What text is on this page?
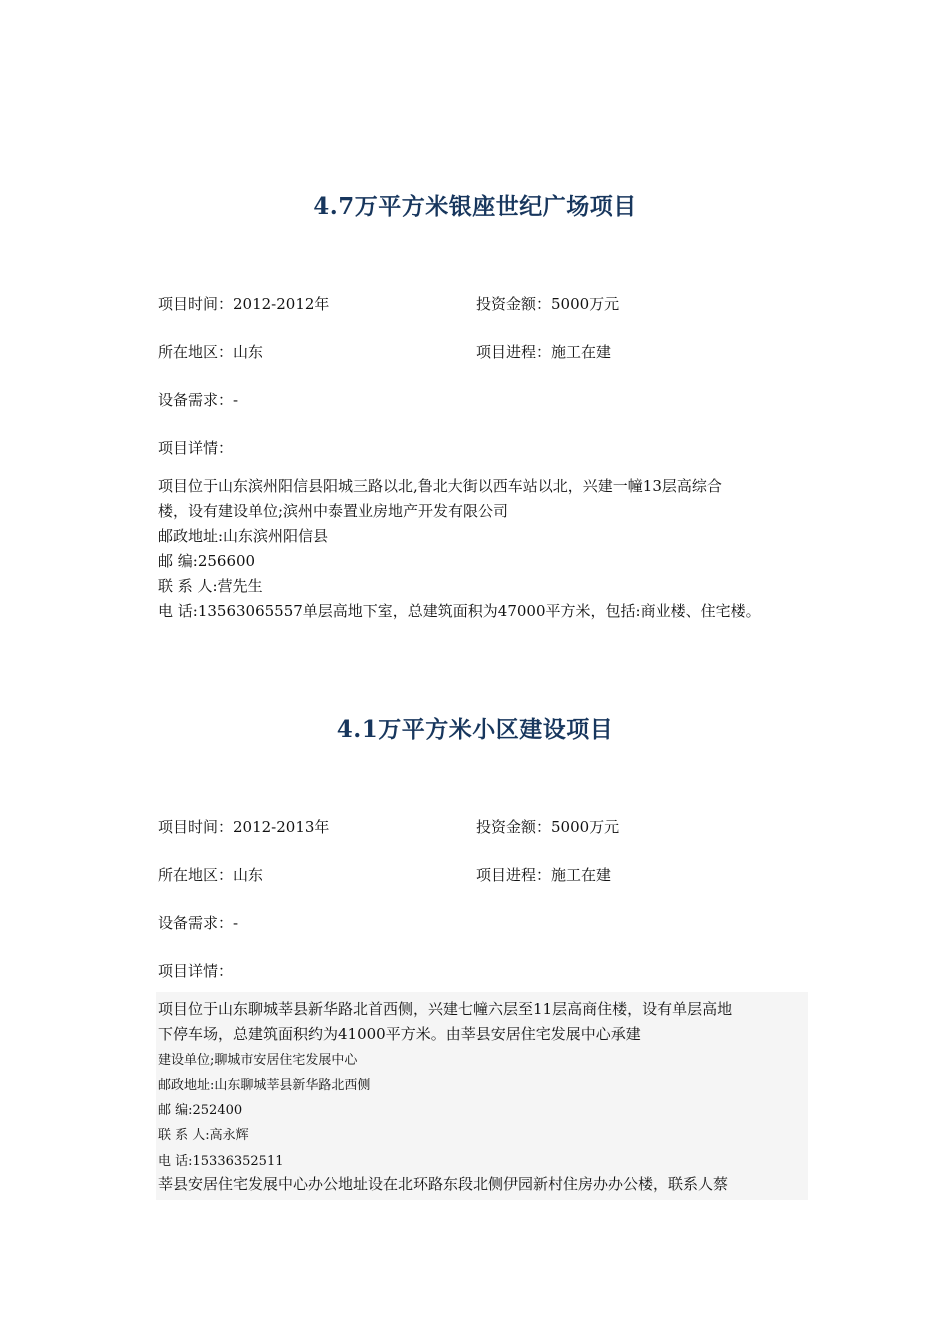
4.7万平方米银座世纪广场项目
项目时间：2012-2012年	投资金额：5000万元
所在地区：山东	项目进程：施工在建
设备需求：-
项目详情：
项目位于山东滨州阳信县阳城三路以北,鲁北大街以西车站以北，兴建一幢13层高综合
楼，设有建设单位;滨州中泰置业房地产开发有限公司
邮政地址:山东滨州阳信县
邮 编:256600
联 系 人:营先生
电 话:13563065557单层高地下室，总建筑面积为47000平方米，包括:商业楼、住宅楼。
4.1万平方米小区建设项目
项目时间：2012-2013年	投资金额：5000万元
所在地区：山东	项目进程：施工在建
设备需求：-
项目详情：
项目位于山东聊城莘县新华路北首西侧，兴建七幢六层至11层高商住楼，设有单层高地
下停车场，总建筑面积约为41000平方米。由莘县安居住宅发展中心承建
建设单位;聊城市安居住宅发展中心
邮政地址:山东聊城莘县新华路北西侧
邮 编:252400
联 系 人:高永辉
电 话:15336352511
莘县安居住宅发展中心办公地址设在北环路东段北侧伊园新村住房办办公楼，联系人蔡
